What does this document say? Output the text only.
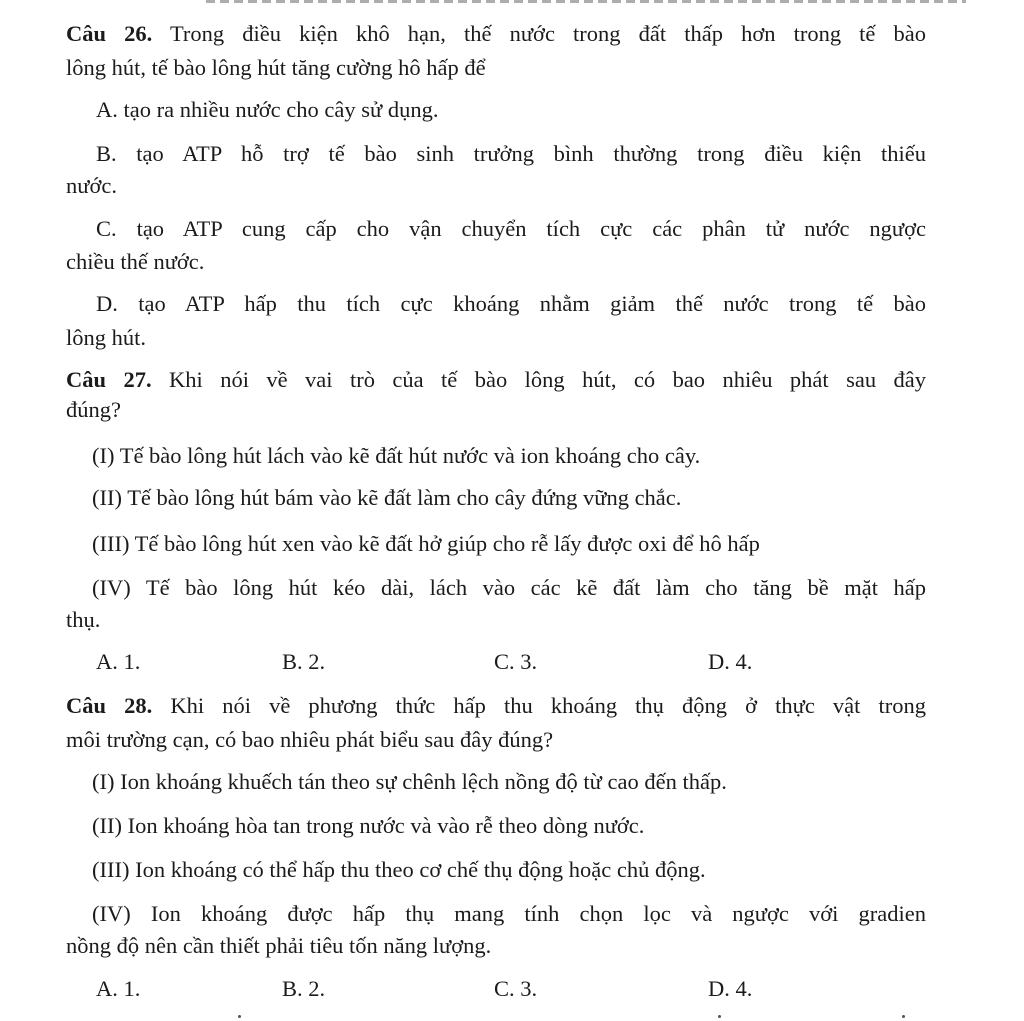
Câu 26. Trong điều kiện khô hạn, thế nước trong đất thấp hơn trong tế bào
lông hút, tế bào lông hút tăng cường hô hấp để
A. tạo ra nhiều nước cho cây sử dụng.
B. tạo ATP hỗ trợ tế bào sinh trưởng bình thường trong điều kiện thiếu
nước.
C. tạo ATP cung cấp cho vận chuyển tích cực các phân tử nước ngược
chiều thế nước.
D. tạo ATP hấp thu tích cực khoáng nhằm giảm thế nước trong tế bào
lông hút.
Câu 27. Khi nói về vai trò của tế bào lông hút, có bao nhiêu phát sau đây
đúng?
(I) Tế bào lông hút lách vào kẽ đất hút nước và ion khoáng cho cây.
(II) Tế bào lông hút bám vào kẽ đất làm cho cây đứng vững chắc.
(III) Tế bào lông hút xen vào kẽ đất hở giúp cho rễ lấy được oxi để hô hấp
(IV) Tế bào lông hút kéo dài, lách vào các kẽ đất làm cho tăng bề mặt hấp
thụ.
A. 1.	B. 2.	C. 3.	D. 4.
Câu 28. Khi nói về phương thức hấp thu khoáng thụ động ở thực vật trong
môi trường cạn, có bao nhiêu phát biểu sau đây đúng?
(I) Ion khoáng khuếch tán theo sự chênh lệch nồng độ từ cao đến thấp.
(II) Ion khoáng hòa tan trong nước và vào rễ theo dòng nước.
(III) Ion khoáng có thể hấp thu theo cơ chế thụ động hoặc chủ động.
(IV) Ion khoáng được hấp thụ mang tính chọn lọc và ngược với gradien
nồng độ nên cần thiết phải tiêu tốn năng lượng.
A. 1.	B. 2.	C. 3.	D. 4.
